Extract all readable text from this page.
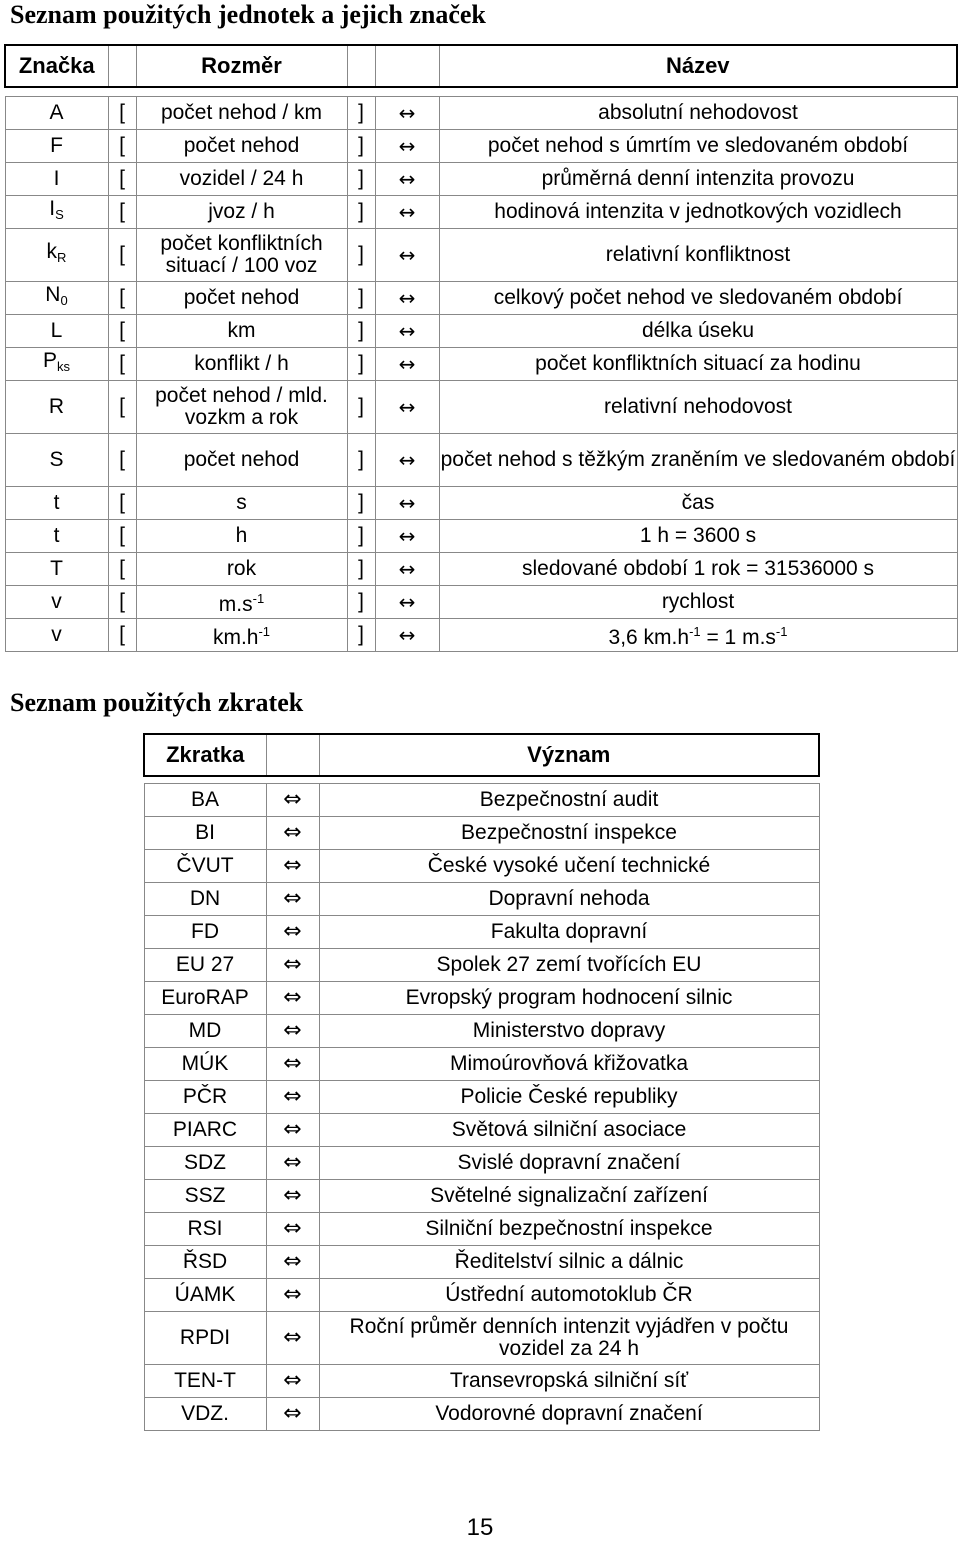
Seznam použitých jednotek a jejich značek
Značka		Rozměr			Název

A	[	počet nehod / km	]	↔	absolutní nehodovost
F	[	počet nehod	]	↔	počet nehod s úmrtím ve sledovaném období
I	[	vozidel / 24 h	]	↔	průměrná denní intenzita provozu
$I_S$	[	jvoz / h	]	↔	hodinová intenzita v jednotkových vozidlech
$k_R$	[	počet konfliktních situací / 100 voz	]	↔	relativní konfliktnost
$N_0$	[	počet nehod	]	↔	celkový počet nehod ve sledovaném období
L	[	km	]	↔	délka úseku
$P_{ks}$	[	konflikt / h	]	↔	počet konfliktních situací za hodinu
R	[	počet nehod / mld. vozkm a rok	]	↔	relativní nehodovost
S	[	počet nehod	]	↔	počet nehod s těžkým zraněním ve sledovaném období
t	[	s	]	↔	čas
t	[	h	]	↔	1 h = 3600 s
T	[	rok	]	↔	sledované období 1 rok = 31536000 s
v	[	$m.s^{-1}$	]	↔	rychlost
v	[	$km.h^{-1}$	]	↔	3,6 $km.h^{-1} = 1$ $m.s^{-1}$
Seznam použitých zkratek
Zkratka		Význam

BA	⇔	Bezpečnostní audit
BI	⇔	Bezpečnostní inspekce
ČVUT	⇔	České vysoké učení technické
DN	⇔	Dopravní nehoda
FD	⇔	Fakulta dopravní
EU 27	⇔	Spolek 27 zemí tvořících EU
EuroRAP	⇔	Evropský program hodnocení silnic
MD	⇔	Ministerstvo dopravy
MÚK	⇔	Mimoúrovňová křižovatka
PČR	⇔	Policie České republiky
PIARC	⇔	Světová silniční asociace
SDZ	⇔	Svislé dopravní značení
SSZ	⇔	Světelné signalizační zařízení
RSI	⇔	Silniční bezpečnostní inspekce
ŘSD	⇔	Ředitelství silnic a dálnic
ÚAMK	⇔	Ústřední automotoklub ČR
RPDI	⇔	Roční průměr denních intenzit vyjádřen v počtu vozidel za 24 h
TEN-T	⇔	Transevropská silniční síť
VDZ.	⇔	Vodorovné dopravní značení
15
